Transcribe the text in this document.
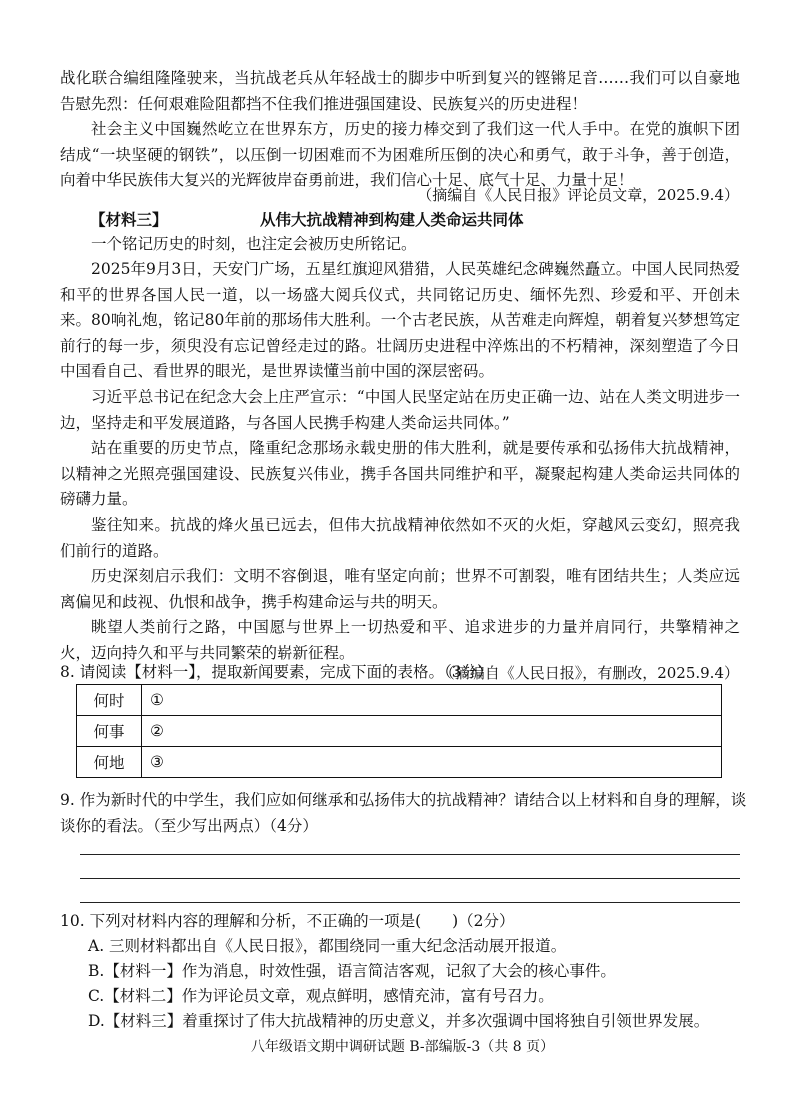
战化联合编组隆隆驶来，当抗战老兵从年轻战士的脚步中听到复兴的铿锵足音……我们可以自豪地告慰先烈：任何艰难险阻都挡不住我们推进强国建设、民族复兴的历史进程！

社会主义中国巍然屹立在世界东方，历史的接力棒交到了我们这一代人手中。在党的旗帜下团结成“一块坚硬的钢铁”，以压倒一切困难而不为困难所压倒的决心和勇气，敢于斗争，善于创造，向着中华民族伟大复兴的光辉彼岸奋勇前进，我们信心十足、底气十足、力量十足！

（摘编自《人民日报》评论员文章，2025.9.4）
【材料三】	从伟大抗战精神到构建人类命运共同体

一个铭记历史的时刻，也注定会被历史所铭记。

2025年9月3日，天安门广场，五星红旗迎风猎猎，人民英雄纪念碑巍然矗立。中国人民同热爱和平的世界各国人民一道，以一场盛大阅兵仪式，共同铭记历史、缅怀先烈、珍爱和平、开创未来。 80响礼炮，铭记80年前的那场伟大胜利。一个古老民族，从苦难走向辉煌，朝着复兴梦想笃定前行的每一步，须臾没有忘记曾经走过的路。壮阔历史进程中淬炼出的不朽精神，深刻塑造了今日中国看自己、看世界的眼光，是世界读懂当前中国的深层密码。

习近平总书记在纪念大会上庄严宣示：“中国人民坚定站在历史正确一边、站在人类文明进步一边，坚持走和平发展道路，与各国人民携手构建人类命运共同体。”

站在重要的历史节点，隆重纪念那场永载史册的伟大胜利，就是要传承和弘扬伟大抗战精神，以精神之光照亮强国建设、民族复兴伟业，携手各国共同维护和平，凝聚起构建人类命运共同体的磅礴力量。

鉴往知来。抗战的烽火虽已远去，但伟大抗战精神依然如不灭的火炬，穿越风云变幻，照亮我们前行的道路。

历史深刻启示我们：文明不容倒退，唯有坚定向前；世界不可割裂，唯有团结共生；人类应远离偏见和歧视、仇恨和战争，携手构建命运与共的明天。

眺望人类前行之路，中国愿与世界上一切热爱和平、追求进步的力量并肩同行，共擎精神之火，迈向持久和平与共同繁荣的崭新征程。

（摘编自《人民日报》，有删改，2025.9.4）

8. 请阅读【材料一】，提取新闻要素，完成下面的表格。（3分）

何时	①
何事	②
何地	③

9. 作为新时代的中学生，我们应如何继承和弘扬伟大的抗战精神？请结合以上材料和自身的理解，谈谈你的看法。（至少写出两点）（4分）

10. 下列对材料内容的理解和分析，不正确的一项是(　　)（2分）

A. 三则材料都出自《人民日报》，都围绕同一重大纪念活动展开报道。
B.【材料一】作为消息，时效性强，语言简洁客观，记叙了大会的核心事件。
C.【材料二】作为评论员文章，观点鲜明，感情充沛，富有号召力。
D.【材料三】着重探讨了伟大抗战精神的历史意义，并多次强调中国将独自引领世界发展。
八年级语文期中调研试题 B-部编版-3（共 8 页）
